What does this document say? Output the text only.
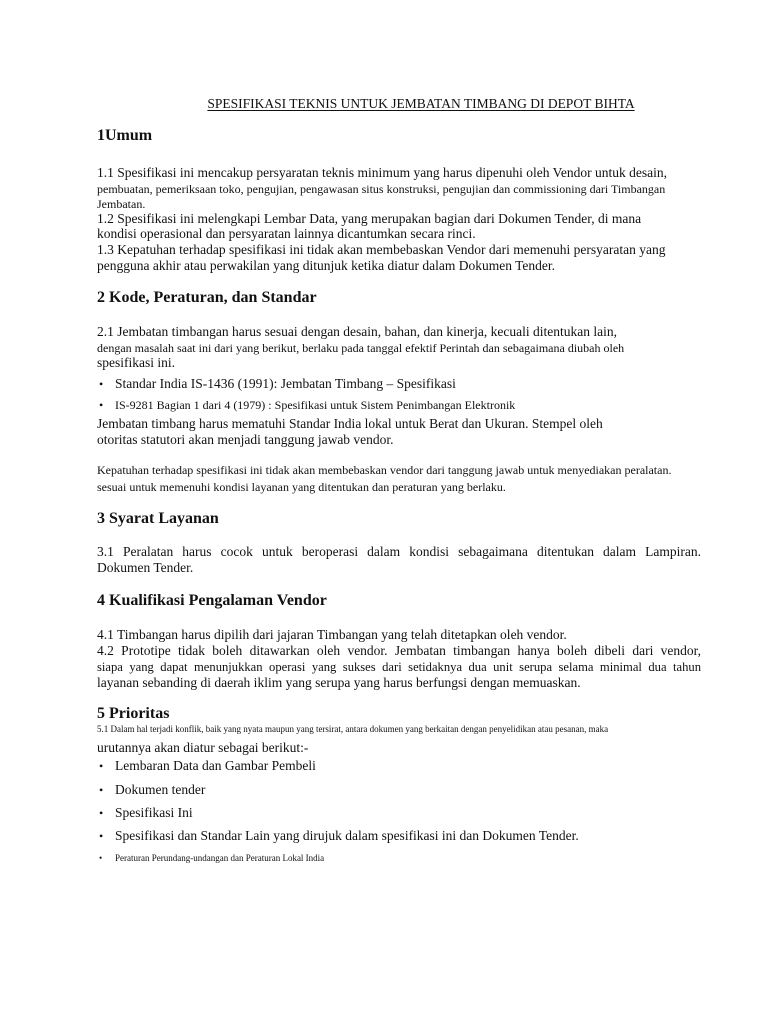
SPESIFIKASI TEKNIS UNTUK JEMBATAN TIMBANG DI DEPOT BIHTA
1Umum
1.1 Spesifikasi ini mencakup persyaratan teknis minimum yang harus dipenuhi oleh Vendor untuk desain,
pembuatan, pemeriksaan toko, pengujian, pengawasan situs konstruksi, pengujian dan commissioning dari Timbangan
Jembatan.
1.2 Spesifikasi ini melengkapi Lembar Data, yang merupakan bagian dari Dokumen Tender, di mana
kondisi operasional dan persyaratan lainnya dicantumkan secara rinci.
1.3 Kepatuhan terhadap spesifikasi ini tidak akan membebaskan Vendor dari memenuhi persyaratan yang
pengguna akhir atau perwakilan yang ditunjuk ketika diatur dalam Dokumen Tender.
2 Kode, Peraturan, dan Standar
2.1 Jembatan timbangan harus sesuai dengan desain, bahan, dan kinerja, kecuali ditentukan lain,
dengan masalah saat ini dari yang berikut, berlaku pada tanggal efektif Perintah dan sebagaimana diubah oleh
spesifikasi ini.
• Standar India IS-1436 (1991): Jembatan Timbang – Spesifikasi
• IS-9281 Bagian 1 dari 4 (1979) : Spesifikasi untuk Sistem Penimbangan Elektronik
Jembatan timbang harus mematuhi Standar India lokal untuk Berat dan Ukuran. Stempel oleh
otoritas statutori akan menjadi tanggung jawab vendor.
Kepatuhan terhadap spesifikasi ini tidak akan membebaskan vendor dari tanggung jawab untuk menyediakan peralatan.
sesuai untuk memenuhi kondisi layanan yang ditentukan dan peraturan yang berlaku.
3 Syarat Layanan
3.1 Peralatan harus cocok untuk beroperasi dalam kondisi sebagaimana ditentukan dalam Lampiran.
Dokumen Tender.
4 Kualifikasi Pengalaman Vendor
4.1 Timbangan harus dipilih dari jajaran Timbangan yang telah ditetapkan oleh vendor.
4.2 Prototipe tidak boleh ditawarkan oleh vendor. Jembatan timbangan hanya boleh dibeli dari vendor,
siapa yang dapat menunjukkan operasi yang sukses dari setidaknya dua unit serupa selama minimal dua tahun
layanan sebanding di daerah iklim yang serupa yang harus berfungsi dengan memuaskan.
5 Prioritas
5.1 Dalam hal terjadi konflik, baik yang nyata maupun yang tersirat, antara dokumen yang berkaitan dengan penyelidikan atau pesanan, maka
urutannya akan diatur sebagai berikut:-
• Lembaran Data dan Gambar Pembeli
• Dokumen tender
• Spesifikasi Ini
• Spesifikasi dan Standar Lain yang dirujuk dalam spesifikasi ini dan Dokumen Tender.
• Peraturan Perundang-undangan dan Peraturan Lokal India
